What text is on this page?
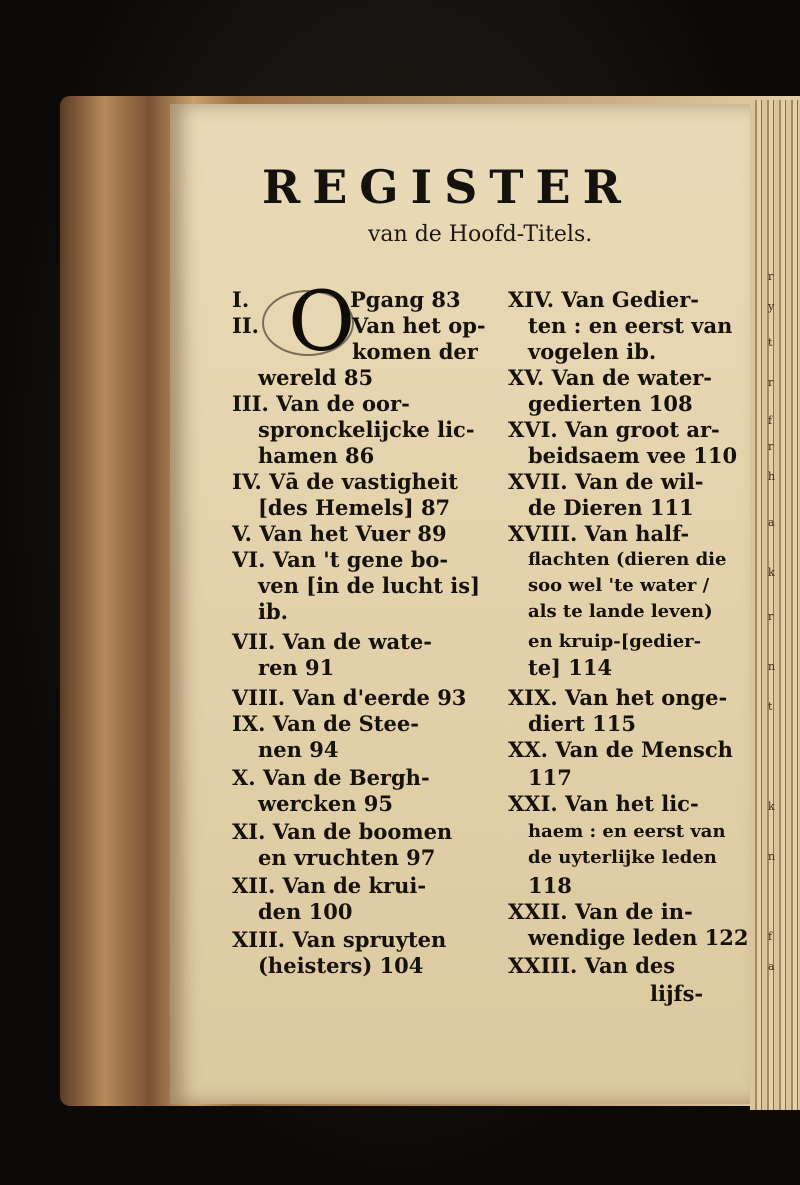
REGISTER
van de Hoofd-Titels.
O
I.
II.
Pgang 83
Van het op-
komen der
wereld 85
III. Van de oor-
spronckelijcke lic-
hamen 86
IV. Vā de vastigheit
[des Hemels] 87
V. Van het Vuer 89
VI. Van 't gene bo-
ven [in de lucht is]
ib.
VII. Van de wate-
ren 91
VIII. Van d'eerde 93
IX. Van de Stee-
nen 94
X. Van de Bergh-
wercken 95
XI. Van de boomen
en vruchten 97
XII. Van de krui-
den 100
XIII. Van spruyten
(heisters) 104
XIV. Van Gedier-
ten : en eerst van
vogelen ib.
XV. Van de water-
gedierten 108
XVI. Van groot ar-
beidsaem vee 110
XVII. Van de wil-
de Dieren 111
XVIII. Van half-
flachten (dieren die
soo wel 'te water /
als te lande leven)
en kruip-[gedier-
te] 114
XIX. Van het onge-
diert 115
XX. Van de Mensch
117
XXI. Van het lic-
haem : en eerst van
de uyterlijke leden
118
XXII. Van de in-
wendige leden 122
XXIII. Van des
lijfs-
r
y
t
r
f
r
h
a
k
r
n
t
k
n
f
a
